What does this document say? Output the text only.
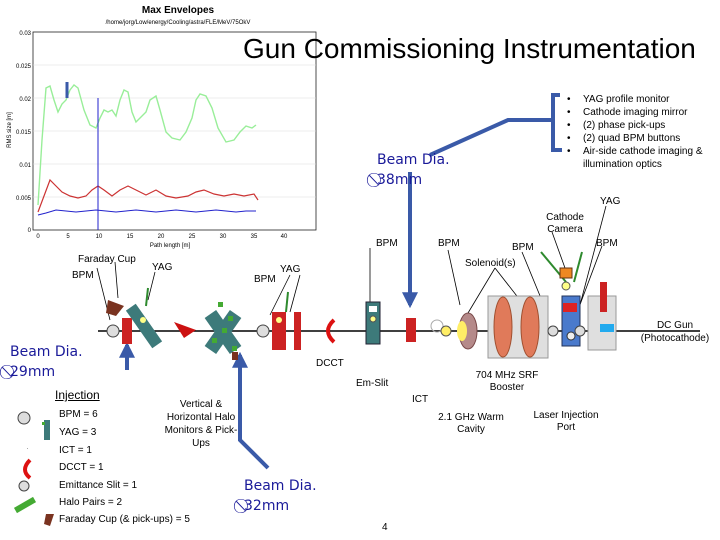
Max Envelopes
/home/jorg/Low/energy/Cooling/astra/FLE/MeV/75OkV
0.03
0.025
0.02
0.015
0.01
0.005
0
0	5	10	15	20	25	30	35	40
Path length [m]
RMS size [m]
Gun Commissioning Instrumentation
• YAG profile monitor
• Cathode imaging mirror
• (2) phase pick-ups
• (2) quad BPM buttons
• Air-side cathode imaging & illumination optics
Beam Dia.
⃠38mm
Beam Dia.
⃠29mm
Beam Dia.
⃠32mm
YAG
Cathode Camera
BPM	BPM	BPM	BPM
Solenoid(s)
Faraday Cup
BPM
YAG	YAG
BPM
DC Gun (Photocathode)
DCCT
Em-Slit
ICT
704 MHz SRF Booster
2.1 GHz Warm Cavity
Laser Injection Port
Vertical & Horizontal Halo Monitors & Pick-Ups
4
Injection
BPM = 6
YAG = 3
ICT = 1
DCCT = 1
Emittance Slit = 1
Halo Pairs = 2
Faraday Cup (& pick-ups) = 5
